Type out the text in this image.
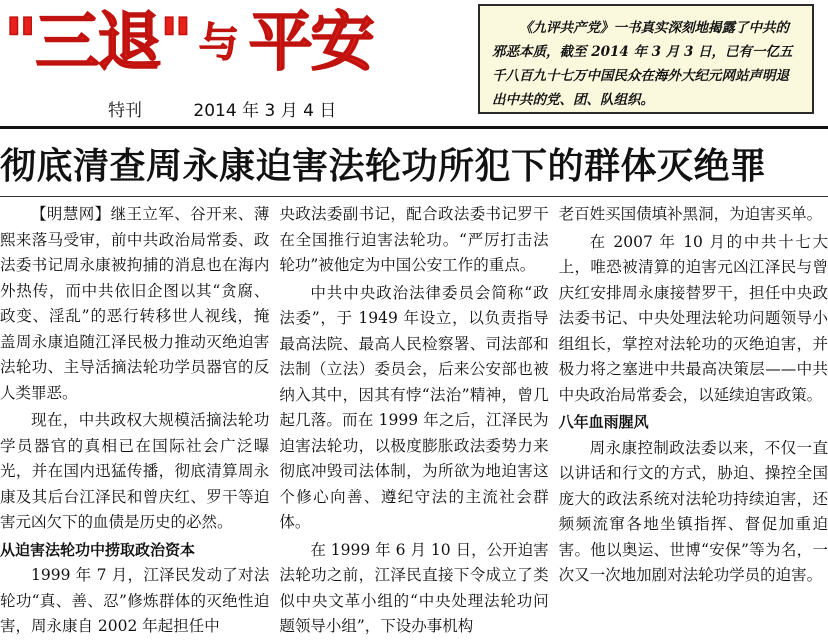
"三退" 与 平安
特刊	2014 年 3 月 4 日
《九评共产党》一书真实深刻地揭露了中共的邪恶本质，截至 2014 年 3 月 3 日，已有一亿五千八百九十七万中国民众在海外大纪元网站声明退出中共的党、团、队组织。
彻底清查周永康迫害法轮功所犯下的群体灭绝罪

【明慧网】继王立军、谷开来、薄熙来落马受审，前中共政治局常委、政法委书记周永康被拘捕的消息也在海内外热传，而中共依旧企图以其“贪腐、政变、淫乱”的恶行转移世人视线，掩盖周永康追随江泽民极力推动灭绝迫害法轮功、主导活摘法轮功学员器官的反人类罪恶。

现在，中共政权大规模活摘法轮功学员器官的真相已在国际社会广泛曝光，并在国内迅猛传播，彻底清算周永康及其后台江泽民和曾庆红、罗干等迫害元凶欠下的血债是历史的必然。

从迫害法轮功中捞取政治资本

1999 年 7 月，江泽民发动了对法轮功“真、善、忍”修炼群体的灭绝性迫害，周永康自 2002 年起担任中

央政法委副书记，配合政法委书记罗干在全国推行迫害法轮功。“严厉打击法轮功”被他定为中国公安工作的重点。

中共中央政治法律委员会简称“政法委”，于 1949 年设立，以负责指导最高法院、最高人民检察署、司法部和法制（立法）委员会，后来公安部也被纳入其中，因其有悖“法治”精神，曾几起几落。而在 1999 年之后，江泽民为迫害法轮功，以极度膨胀政法委势力来彻底冲毁司法体制，为所欲为地迫害这个修心向善、遵纪守法的主流社会群体。

在 1999 年 6 月 10 日，公开迫害法轮功之前，江泽民直接下令成立了类似中央文革小组的“中央处理法轮功问题领导小组”，下设办事机构

老百姓买国债填补黑洞，为迫害买单。

在 2007 年 10 月的中共十七大上，唯恐被清算的迫害元凶江泽民与曾庆红安排周永康接替罗干，担任中央政法委书记、中央处理法轮功问题领导小组组长，掌控对法轮功的灭绝迫害，并极力将之塞进中共最高决策层——中共中央政治局常委会，以延续迫害政策。

八年血雨腥风

周永康控制政法委以来，不仅一直以讲话和行文的方式，胁迫、操控全国庞大的政法系统对法轮功持续迫害，还频频流窜各地坐镇指挥、督促加重迫害。他以奥运、世博“安保”等为名，一次又一次地加剧对法轮功学员的迫害。
